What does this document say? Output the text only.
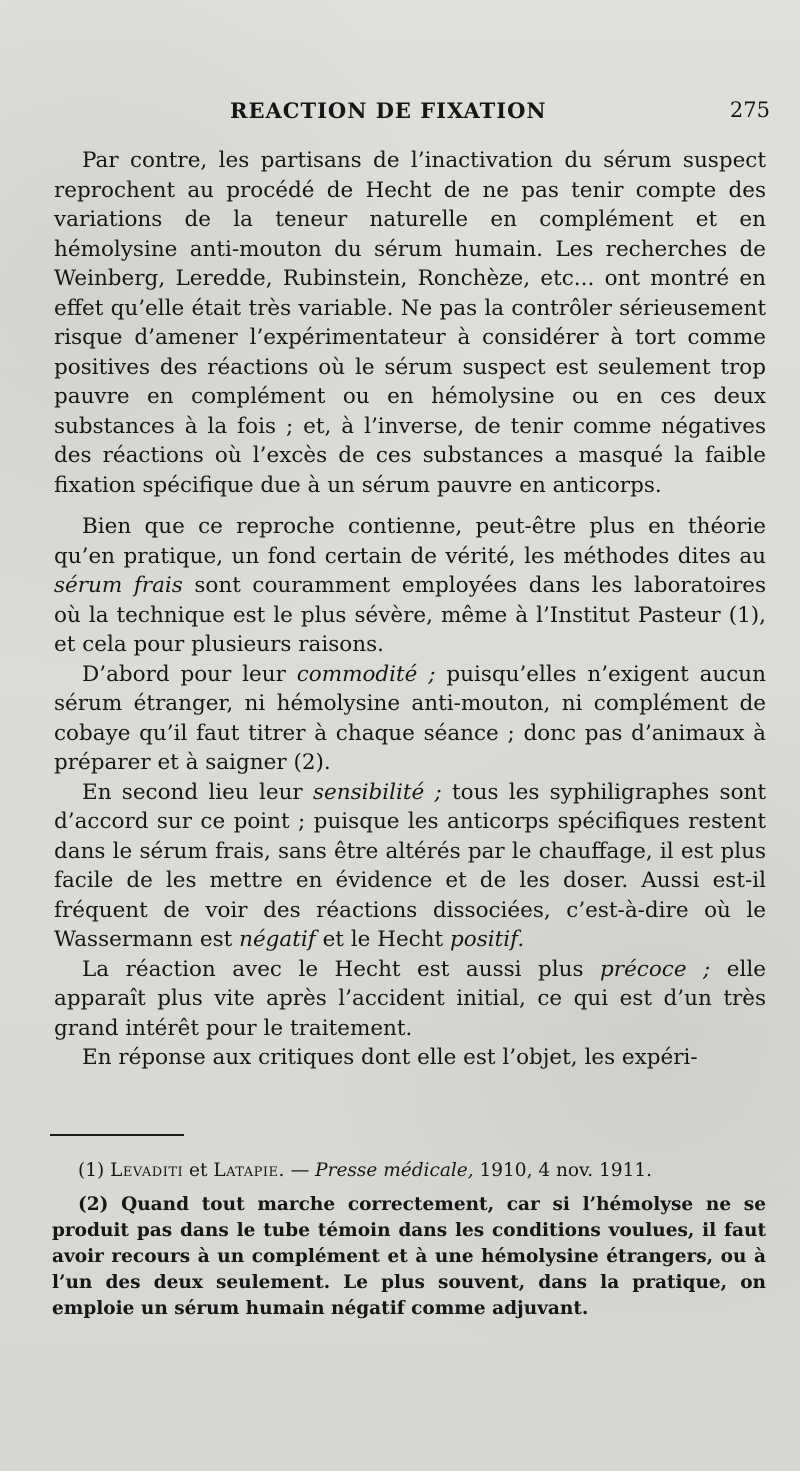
REACTION DE FIXATION	275

Par contre, les partisans de l’inactivation du sérum suspect reprochent au procédé de Hecht de ne pas tenir compte des variations de la teneur naturelle en complément et en hémolysine anti-mouton du sérum humain. Les recherches de Weinberg, Leredde, Rubinstein, Ronchèze, etc... ont montré en effet qu’elle était très variable. Ne pas la contrôler sérieusement risque d’amener l’expérimentateur à considérer à tort comme positives des réactions où le sérum suspect est seulement trop pauvre en complément ou en hémolysine ou en ces deux substances à la fois ; et, à l’inverse, de tenir comme négatives des réactions où l’excès de ces substances a masqué la faible fixation spécifique due à un sérum pauvre en anticorps.

Bien que ce reproche contienne, peut-être plus en théorie qu’en pratique, un fond certain de vérité, les méthodes dites au sérum frais sont couramment employées dans les laboratoires où la technique est le plus sévère, même à l’Institut Pasteur (1), et cela pour plusieurs raisons.

D’abord pour leur commodité ; puisqu’elles n’exigent aucun sérum étranger, ni hémolysine anti-mouton, ni complément de cobaye qu’il faut titrer à chaque séance ; donc pas d’animaux à préparer et à saigner (2).

En second lieu leur sensibilité ; tous les syphiligraphes sont d’accord sur ce point ; puisque les anticorps spécifiques restent dans le sérum frais, sans être altérés par le chauffage, il est plus facile de les mettre en évidence et de les doser. Aussi est-il fréquent de voir des réactions dissociées, c’est-à-dire où le Wassermann est négatif et le Hecht positif.

La réaction avec le Hecht est aussi plus précoce ; elle apparaît plus vite après l’accident initial, ce qui est d’un très grand intérêt pour le traitement.

En réponse aux critiques dont elle est l’objet, les expéri-

(1) Levaditi et Latapie. — Presse médicale, 1910, 4 nov. 1911.

(2) Quand tout marche correctement, car si l’hémolyse ne se produit pas dans le tube témoin dans les conditions voulues, il faut avoir recours à un complément et à une hémolysine étrangers, ou à l’un des deux seulement. Le plus souvent, dans la pratique, on emploie un sérum humain négatif comme adjuvant.
